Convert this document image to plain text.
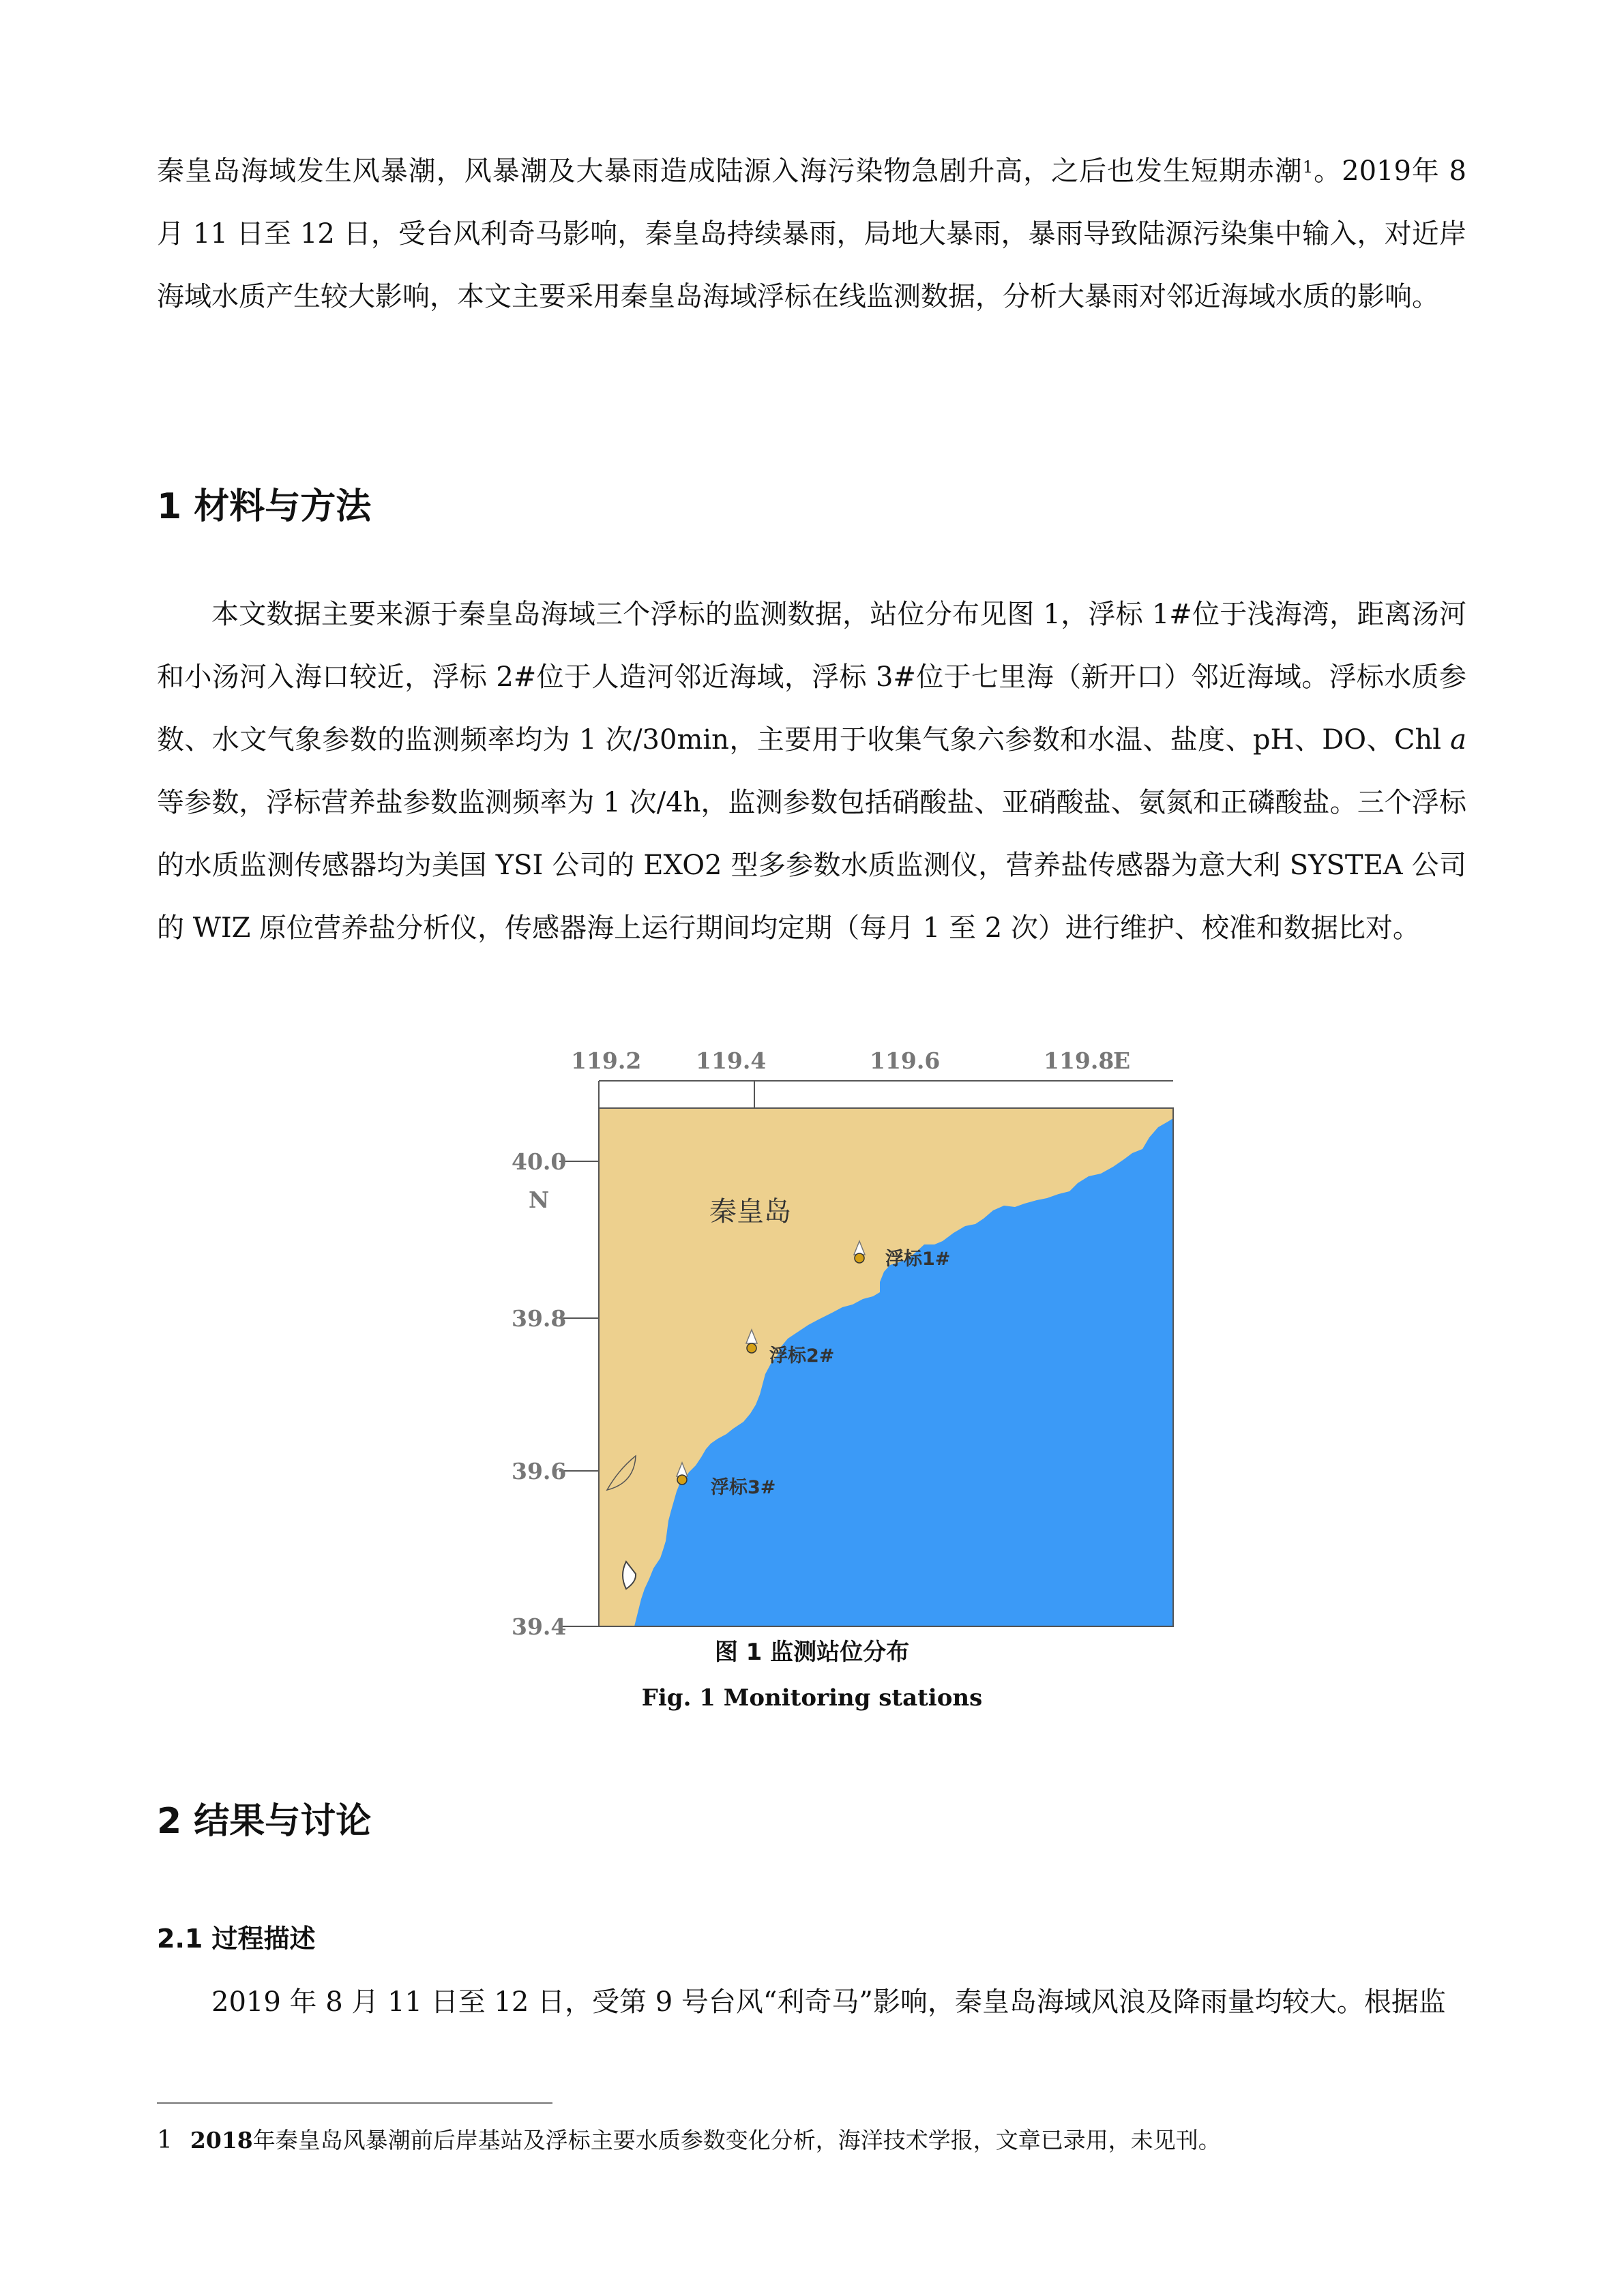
秦皇岛海域发生风暴潮，风暴潮及大暴雨造成陆源入海污染物急剧升高，之后也发生短期赤潮$^1$。2019年 8 月 11 日至 12 日，受台风利奇马影响，秦皇岛持续暴雨，局地大暴雨，暴雨导致陆源污染集中输入，对近岸海域水质产生较大影响，本文主要采用秦皇岛海域浮标在线监测数据，分析大暴雨对邻近海域水质的影响。

1 材料与方法

本文数据主要来源于秦皇岛海域三个浮标的监测数据，站位分布见图 1，浮标 1#位于浅海湾，距离汤河和小汤河入海口较近，浮标 2#位于人造河邻近海域，浮标 3#位于七里海（新开口）邻近海域。浮标水质参数、水文气象参数的监测频率均为 1 次/30min，主要用于收集气象六参数和水温、盐度、pH、DO、Chl a 等参数，浮标营养盐参数监测频率为 1 次/4h，监测参数包括硝酸盐、亚硝酸盐、氨氮和正磷酸盐。三个浮标的水质监测传感器均为美国 YSI 公司的 EXO2 型多参数水质监测仪，营养盐传感器为意大利 SYSTEA 公司的 WIZ 原位营养盐分析仪，传感器海上运行期间均定期（每月 1 至 2 次）进行维护、校准和数据比对。

119.2 119.4	119.6	119.8
E
40.0
N
39.8
39.6
39.4
秦皇岛
浮标1#
浮标2#
浮标3#
图 1 监测站位分布
Fig. 1 Monitoring stations
2 结果与讨论
2.1 过程描述

2019 年 8 月 11 日至 12 日，受第 9 号台风“利奇马”影响，秦皇岛海域风浪及降雨量均较大。根据监

1 2018年秦皇岛风暴潮前后岸基站及浮标主要水质参数变化分析，海洋技术学报，文章已录用，未见刊。
